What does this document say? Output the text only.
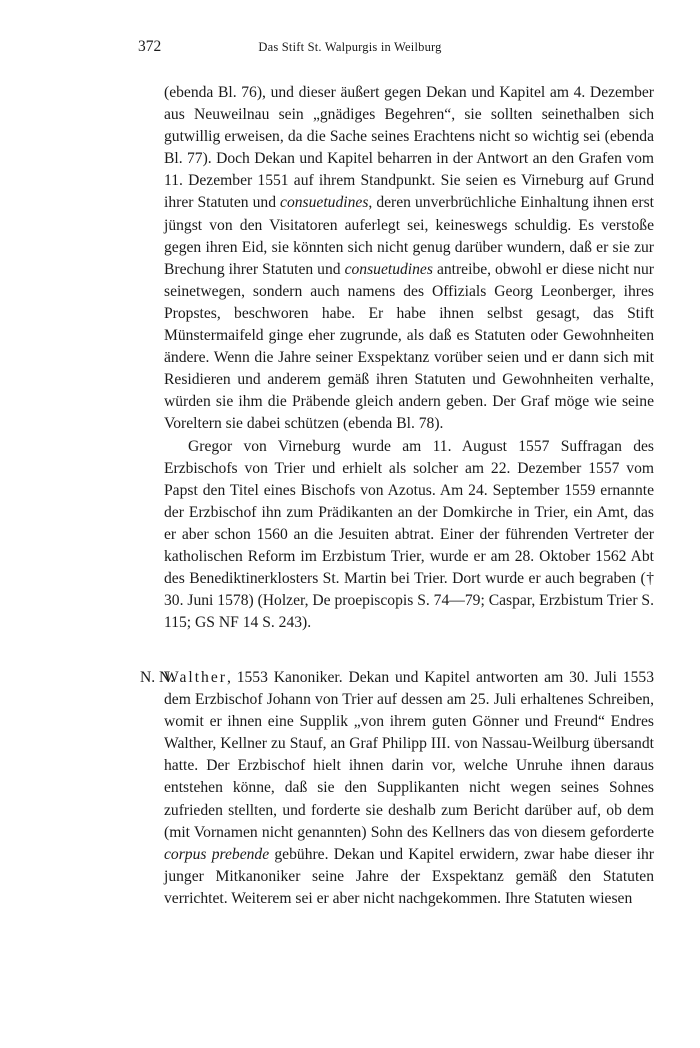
372	Das Stift St. Walpurgis in Weilburg

(ebenda Bl. 76), und dieser äußert gegen Dekan und Kapitel am 4. Dezember aus Neuweilnau sein „gnädiges Begehren“, sie sollten seinethalben sich gutwillig erweisen, da die Sache seines Erachtens nicht so wichtig sei (ebenda Bl. 77). Doch Dekan und Kapitel beharren in der Antwort an den Grafen vom 11. Dezember 1551 auf ihrem Standpunkt. Sie seien es Virneburg auf Grund ihrer Statuten und consuetudines, deren unverbrüchliche Einhaltung ihnen erst jüngst von den Visitatoren auferlegt sei, keineswegs schuldig. Es verstoße gegen ihren Eid, sie könnten sich nicht genug darüber wundern, daß er sie zur Brechung ihrer Statuten und consuetudines antreibe, obwohl er diese nicht nur seinetwegen, sondern auch namens des Offizials Georg Leonberger, ihres Propstes, beschworen habe. Er habe ihnen selbst gesagt, das Stift Münstermaifeld ginge eher zugrunde, als daß es Statuten oder Gewohnheiten ändere. Wenn die Jahre seiner Exspektanz vorüber seien und er dann sich mit Residieren und anderem gemäß ihren Statuten und Gewohnheiten verhalte, würden sie ihm die Präbende gleich andern geben. Der Graf möge wie seine Voreltern sie dabei schützen (ebenda Bl. 78).

Gregor von Virneburg wurde am 11. August 1557 Suffragan des Erzbischofs von Trier und erhielt als solcher am 22. Dezember 1557 vom Papst den Titel eines Bischofs von Azotus. Am 24. September 1559 ernannte der Erzbischof ihn zum Prädikanten an der Domkirche in Trier, ein Amt, das er aber schon 1560 an die Jesuiten abtrat. Einer der führenden Vertreter der katholischen Reform im Erzbistum Trier, wurde er am 28. Oktober 1562 Abt des Benediktinerklosters St. Martin bei Trier. Dort wurde er auch begraben († 30. Juni 1578) (Holzer, De proepiscopis S. 74—79; Caspar, Erzbistum Trier S. 115; GS NF 14 S. 243).

N. N.

Walther, 1553 Kanoniker. Dekan und Kapitel antworten am 30. Juli 1553 dem Erzbischof Johann von Trier auf dessen am 25. Juli erhaltenes Schreiben, womit er ihnen eine Supplik „von ihrem guten Gönner und Freund“ Endres Walther, Kellner zu Stauf, an Graf Philipp III. von Nassau-Weilburg übersandt hatte. Der Erzbischof hielt ihnen darin vor, welche Unruhe ihnen daraus entstehen könne, daß sie den Supplikanten nicht wegen seines Sohnes zufrieden stellten, und forderte sie deshalb zum Bericht darüber auf, ob dem (mit Vornamen nicht genannten) Sohn des Kellners das von diesem geforderte corpus prebende gebühre. Dekan und Kapitel erwidern, zwar habe dieser ihr junger Mitkanoniker seine Jahre der Exspektanz gemäß den Statuten verrichtet. Weiterem sei er aber nicht nachgekommen. Ihre Statuten wiesen
